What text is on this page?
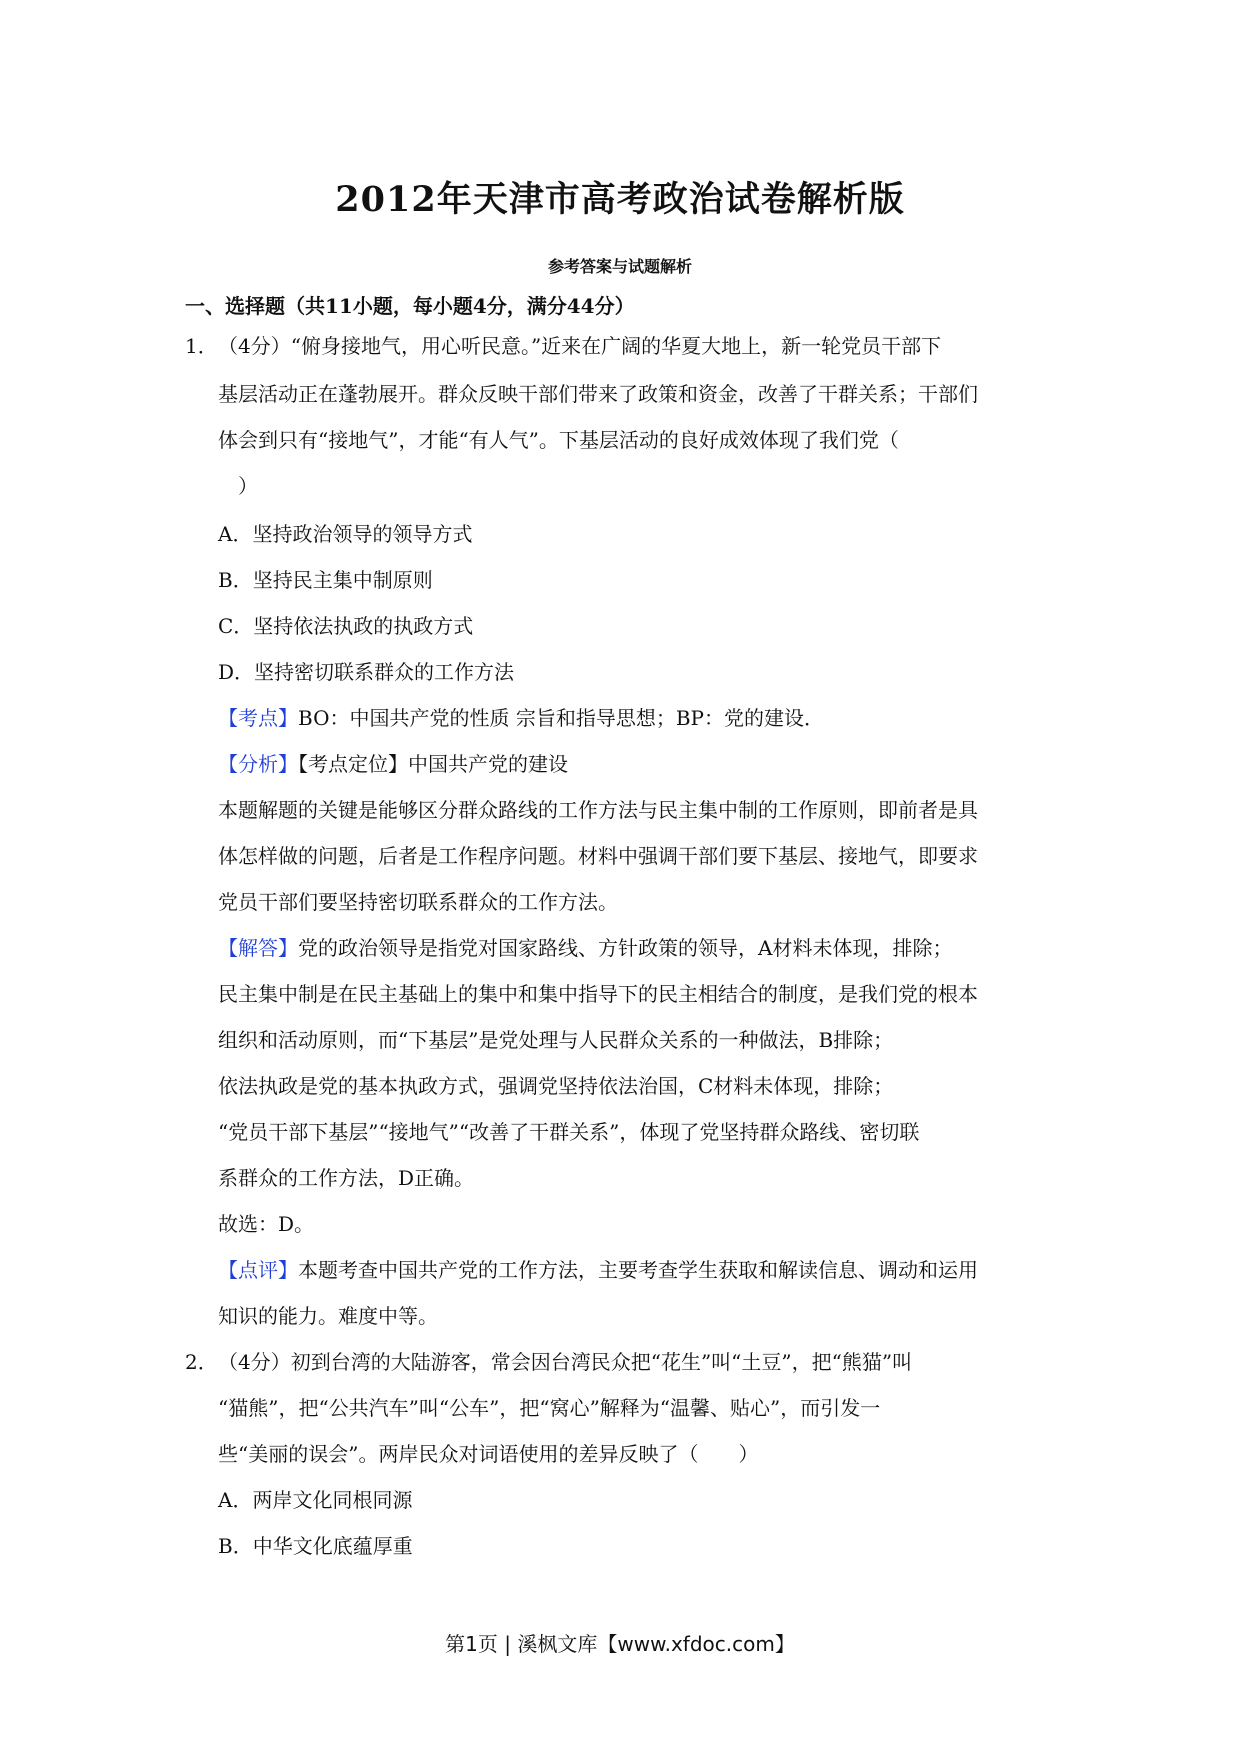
2012年天津市高考政治试卷解析版
参考答案与试题解析
一、选择题（共11小题，每小题4分，满分44分）
1． （4分）“俯身接地气，用心听民意。”近来在广阔的华夏大地上，新一轮党员干部下
基层活动正在蓬勃展开。群众反映干部们带来了政策和资金，改善了干群关系；干部们
体会到只有“接地气”，才能“有人气”。下基层活动的良好成效体现了我们党（
）
A．坚持政治领导的领导方式
B．坚持民主集中制原则
C．坚持依法执政的执政方式
D．坚持密切联系群众的工作方法
【考点】BO：中国共产党的性质 宗旨和指导思想；BP：党的建设．
【分析】【考点定位】中国共产党的建设
本题解题的关键是能够区分群众路线的工作方法与民主集中制的工作原则，即前者是具
体怎样做的问题，后者是工作程序问题。材料中强调干部们要下基层、接地气，即要求
党员干部们要坚持密切联系群众的工作方法。
【解答】党的政治领导是指党对国家路线、方针政策的领导，A材料未体现，排除；
民主集中制是在民主基础上的集中和集中指导下的民主相结合的制度，是我们党的根本
组织和活动原则，而“下基层”是党处理与人民群众关系的一种做法，B排除；
依法执政是党的基本执政方式，强调党坚持依法治国，C材料未体现，排除；
“党员干部下基层”“接地气”“改善了干群关系”，体现了党坚持群众路线、密切联
系群众的工作方法，D正确。
故选：D。
【点评】本题考查中国共产党的工作方法，主要考查学生获取和解读信息、调动和运用
知识的能力。难度中等。
2． （4分）初到台湾的大陆游客，常会因台湾民众把“花生”叫“土豆”，把“熊猫”叫
“猫熊”，把“公共汽车”叫“公车”，把“窝心”解释为“温馨、贴心”，而引发一
些“美丽的误会”。两岸民众对词语使用的差异反映了（　　）
A．两岸文化同根同源
B．中华文化底蕴厚重
第1页 | 溪枫文库【www.xfdoc.com】
